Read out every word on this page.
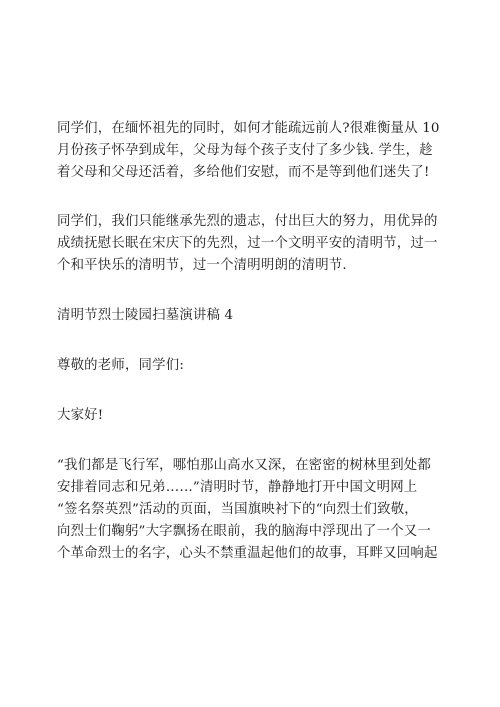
同学们，在缅怀祖先的同时，如何才能疏远前人?很难衡量从 10
月份孩子怀孕到成年，父母为每个孩子支付了多少钱. 学生，趁
着父母和父母还活着，多给他们安慰，而不是等到他们迷失了!

同学们，我们只能继承先烈的遗志，付出巨大的努力，用优异的
成绩抚慰长眠在宋庆下的先烈，过一个文明平安的清明节，过一
个和平快乐的清明节，过一个清明明朗的清明节.

清明节烈士陵园扫墓演讲稿 4

尊敬的老师，同学们:

大家好!

“我们都是飞行军，哪怕那山高水又深，在密密的树林里到处都
安排着同志和兄弟……”清明时节，静静地打开中国文明网上
“签名祭英烈”活动的页面，当国旗映衬下的“向烈士们致敬，
向烈士们鞠躬”大字飘扬在眼前，我的脑海中浮现出了一个又一
个革命烈士的名字，心头不禁重温起他们的故事，耳畔又回响起
